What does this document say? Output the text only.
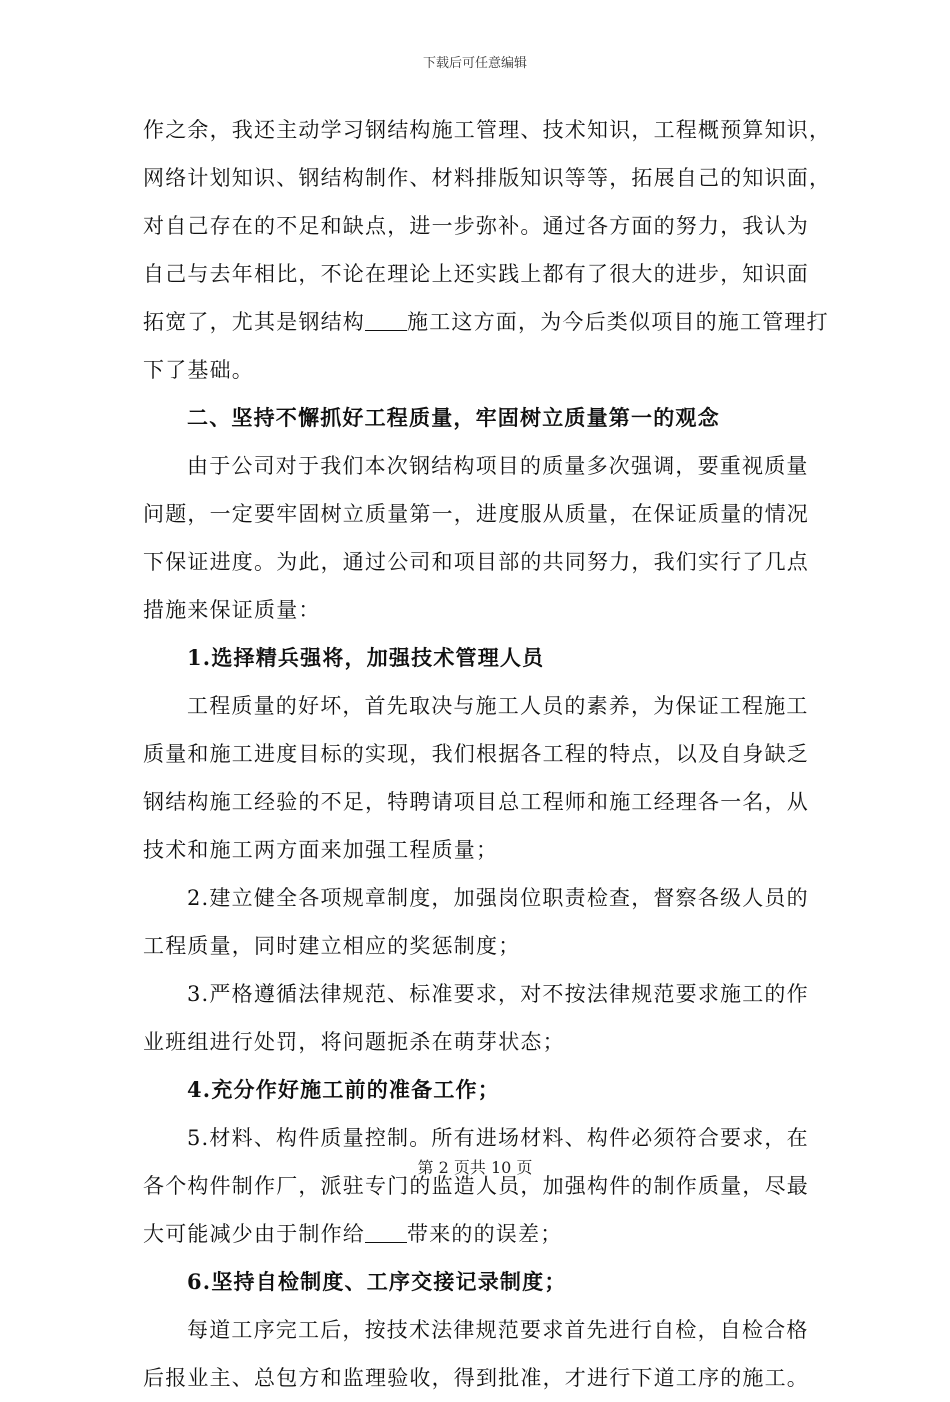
下载后可任意编辑
作之余，我还主动学习钢结构施工管理、技术知识，工程概预算知识，
网络计划知识、钢结构制作、材料排版知识等等，拓展自己的知识面，
对自己存在的不足和缺点，进一步弥补。通过各方面的努力，我认为
自己与去年相比，不论在理论上还实践上都有了很大的进步，知识面
拓宽了，尤其是钢结构 施工这方面，为今后类似项目的施工管理打
下了基础。
二、坚持不懈抓好工程质量，牢固树立质量第一的观念
由于公司对于我们本次钢结构项目的质量多次强调，要重视质量
问题，一定要牢固树立质量第一，进度服从质量，在保证质量的情况
下保证进度。为此，通过公司和项目部的共同努力，我们实行了几点
措施来保证质量：
1.选择精兵强将，加强技术管理人员
工程质量的好坏，首先取决与施工人员的素养，为保证工程施工
质量和施工进度目标的实现，我们根据各工程的特点，以及自身缺乏
钢结构施工经验的不足，特聘请项目总工程师和施工经理各一名，从
技术和施工两方面来加强工程质量；
2.建立健全各项规章制度，加强岗位职责检查，督察各级人员的
工程质量，同时建立相应的奖惩制度；
3.严格遵循法律规范、标准要求，对不按法律规范要求施工的作
业班组进行处罚，将问题扼杀在萌芽状态；
4.充分作好施工前的准备工作；
5.材料、构件质量控制。所有进场材料、构件必须符合要求，在
各个构件制作厂，派驻专门的监造人员，加强构件的制作质量，尽最
大可能减少由于制作给 带来的的误差；
6.坚持自检制度、工序交接记录制度；
每道工序完工后，按技术法律规范要求首先进行自检，自检合格
后报业主、总包方和监理验收，得到批准，才进行下道工序的施工。
第 2 页共 10 页
